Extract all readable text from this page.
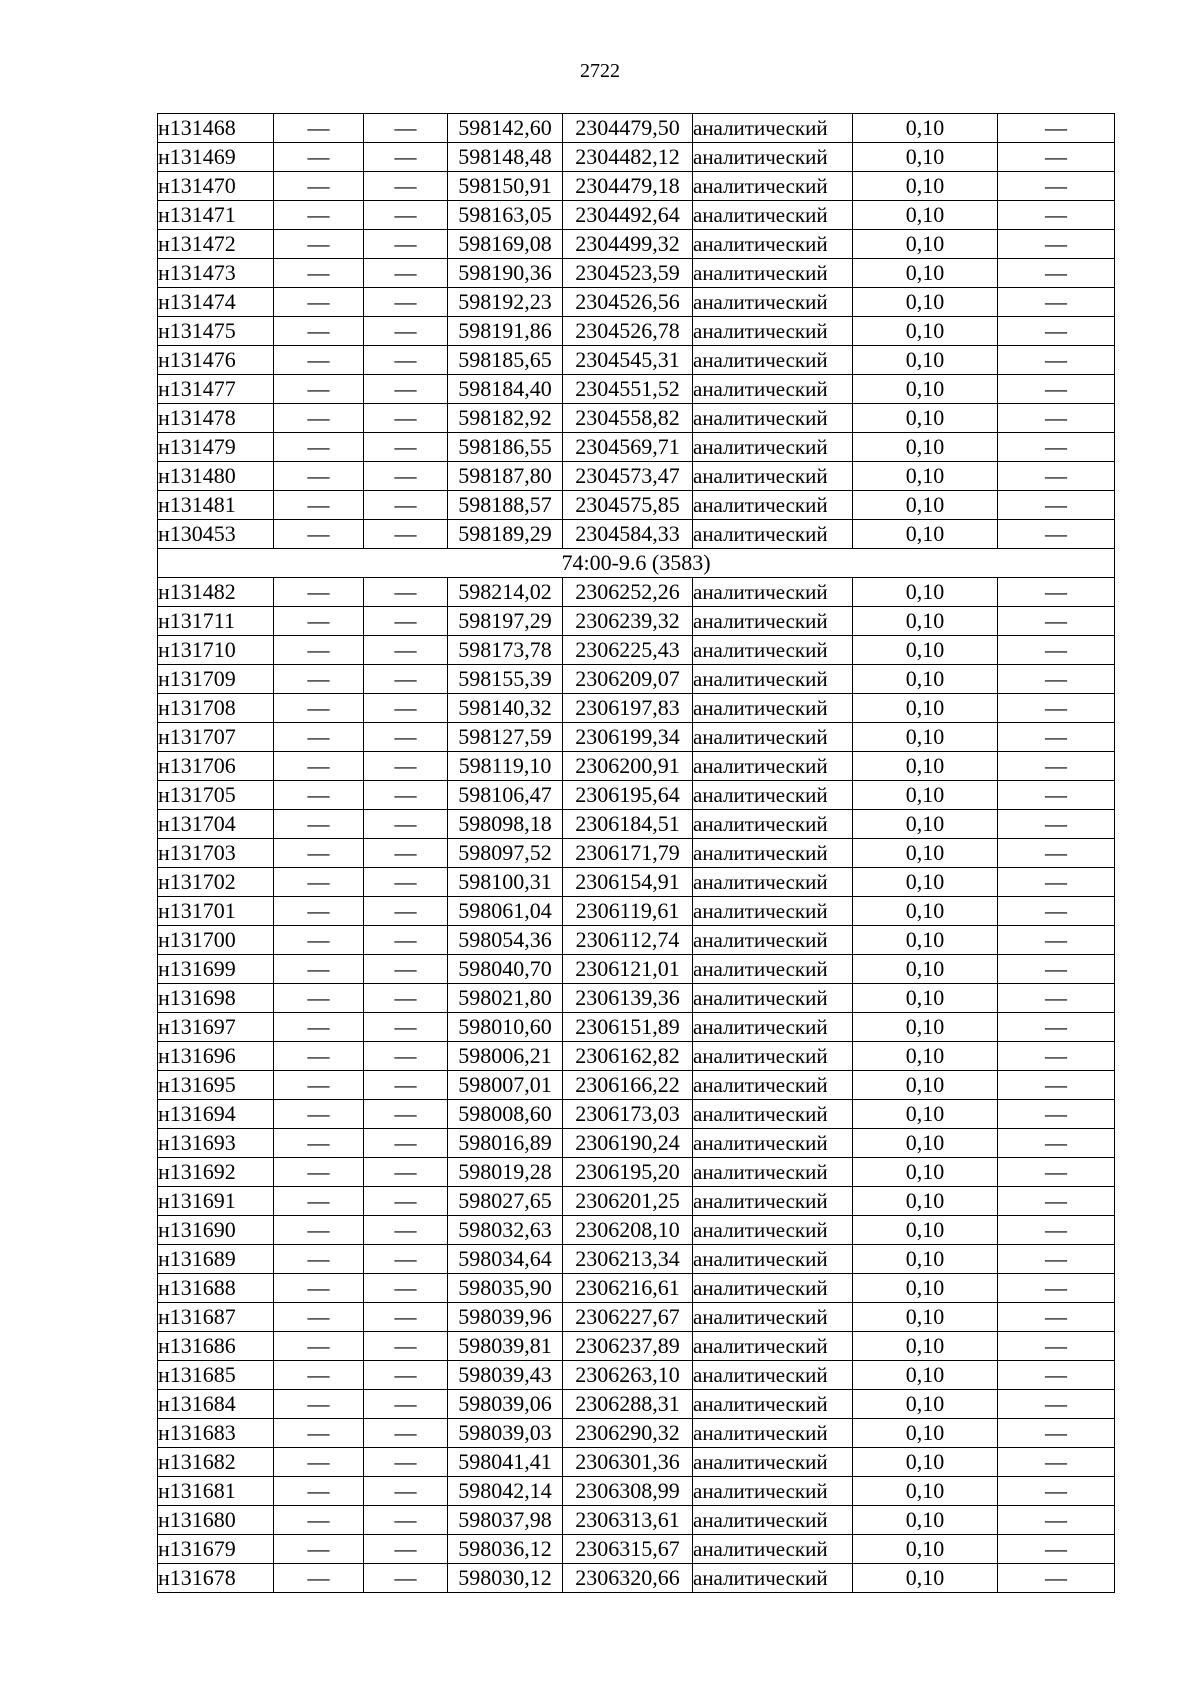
2722
н131468	—	—	598142,60	2304479,50	аналитический	0,10	—
н131469	—	—	598148,48	2304482,12	аналитический	0,10	—
н131470	—	—	598150,91	2304479,18	аналитический	0,10	—
н131471	—	—	598163,05	2304492,64	аналитический	0,10	—
н131472	—	—	598169,08	2304499,32	аналитический	0,10	—
н131473	—	—	598190,36	2304523,59	аналитический	0,10	—
н131474	—	—	598192,23	2304526,56	аналитический	0,10	—
н131475	—	—	598191,86	2304526,78	аналитический	0,10	—
н131476	—	—	598185,65	2304545,31	аналитический	0,10	—
н131477	—	—	598184,40	2304551,52	аналитический	0,10	—
н131478	—	—	598182,92	2304558,82	аналитический	0,10	—
н131479	—	—	598186,55	2304569,71	аналитический	0,10	—
н131480	—	—	598187,80	2304573,47	аналитический	0,10	—
н131481	—	—	598188,57	2304575,85	аналитический	0,10	—
н130453	—	—	598189,29	2304584,33	аналитический	0,10	—
74:00-9.6 (3583)							
н131482	—	—	598214,02	2306252,26	аналитический	0,10	—
н131711	—	—	598197,29	2306239,32	аналитический	0,10	—
н131710	—	—	598173,78	2306225,43	аналитический	0,10	—
н131709	—	—	598155,39	2306209,07	аналитический	0,10	—
н131708	—	—	598140,32	2306197,83	аналитический	0,10	—
н131707	—	—	598127,59	2306199,34	аналитический	0,10	—
н131706	—	—	598119,10	2306200,91	аналитический	0,10	—
н131705	—	—	598106,47	2306195,64	аналитический	0,10	—
н131704	—	—	598098,18	2306184,51	аналитический	0,10	—
н131703	—	—	598097,52	2306171,79	аналитический	0,10	—
н131702	—	—	598100,31	2306154,91	аналитический	0,10	—
н131701	—	—	598061,04	2306119,61	аналитический	0,10	—
н131700	—	—	598054,36	2306112,74	аналитический	0,10	—
н131699	—	—	598040,70	2306121,01	аналитический	0,10	—
н131698	—	—	598021,80	2306139,36	аналитический	0,10	—
н131697	—	—	598010,60	2306151,89	аналитический	0,10	—
н131696	—	—	598006,21	2306162,82	аналитический	0,10	—
н131695	—	—	598007,01	2306166,22	аналитический	0,10	—
н131694	—	—	598008,60	2306173,03	аналитический	0,10	—
н131693	—	—	598016,89	2306190,24	аналитический	0,10	—
н131692	—	—	598019,28	2306195,20	аналитический	0,10	—
н131691	—	—	598027,65	2306201,25	аналитический	0,10	—
н131690	—	—	598032,63	2306208,10	аналитический	0,10	—
н131689	—	—	598034,64	2306213,34	аналитический	0,10	—
н131688	—	—	598035,90	2306216,61	аналитический	0,10	—
н131687	—	—	598039,96	2306227,67	аналитический	0,10	—
н131686	—	—	598039,81	2306237,89	аналитический	0,10	—
н131685	—	—	598039,43	2306263,10	аналитический	0,10	—
н131684	—	—	598039,06	2306288,31	аналитический	0,10	—
н131683	—	—	598039,03	2306290,32	аналитический	0,10	—
н131682	—	—	598041,41	2306301,36	аналитический	0,10	—
н131681	—	—	598042,14	2306308,99	аналитический	0,10	—
н131680	—	—	598037,98	2306313,61	аналитический	0,10	—
н131679	—	—	598036,12	2306315,67	аналитический	0,10	—
н131678	—	—	598030,12	2306320,66	аналитический	0,10	—
